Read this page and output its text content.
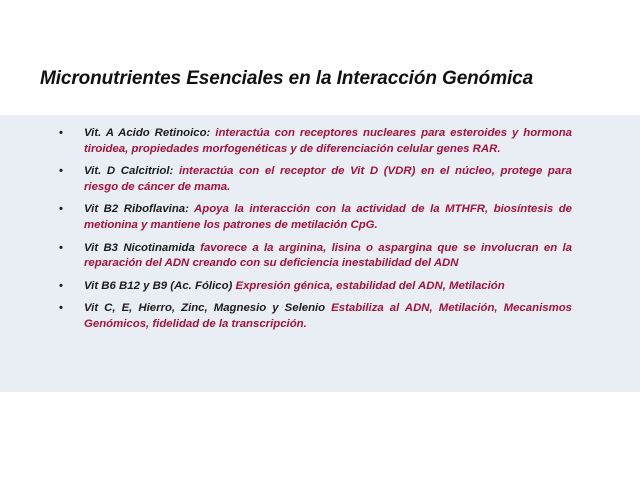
Micronutrientes Esenciales en la Interacción Genómica
• Vit. A Acido Retinoico: interactúa con receptores nucleares para esteroides y hormona tiroidea, propiedades morfogenéticas y de diferenciación celular genes RAR.
• Vit. D Calcitriol: interactúa con el receptor de Vit D (VDR) en el núcleo, protege para riesgo de cáncer de mama.
• Vit B2 Riboflavina: Apoya la interacción con la actividad de la MTHFR, biosíntesis de metionina y mantiene los patrones de metilación CpG.
• Vit B3 Nicotinamida favorece a la arginina, lisina o aspargina que se involucran en la reparación del ADN creando con su deficiencia inestabilidad del ADN
• Vit B6 B12 y B9 (Ac. Fólico) Expresión génica, estabilidad del ADN, Metilación
• Vit C, E, Hierro, Zinc, Magnesio y Selenio Estabiliza al ADN, Metilación, Mecanismos Genómicos, fidelidad de la transcripción.
